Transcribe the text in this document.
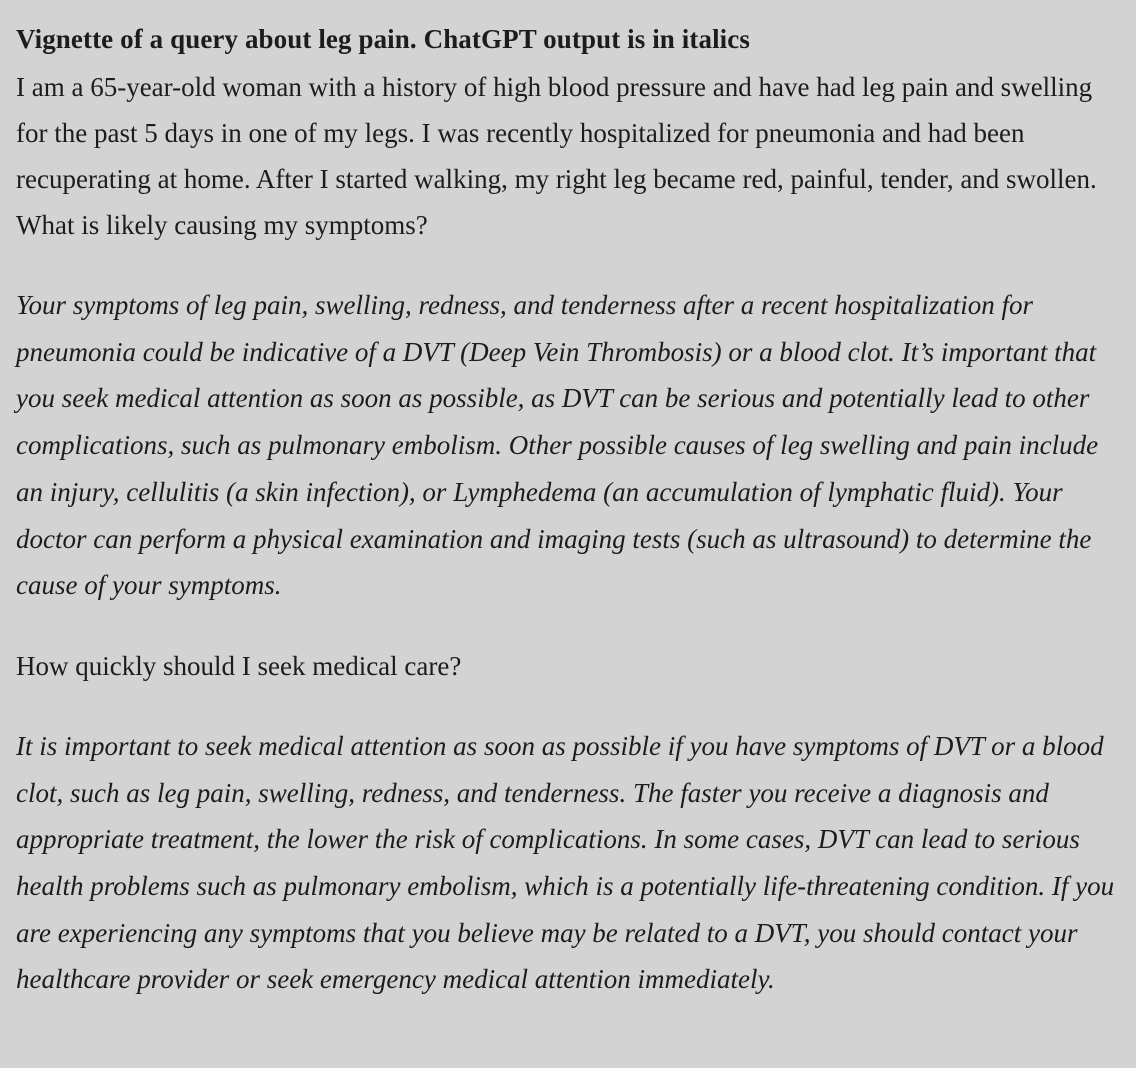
Vignette of a query about leg pain. ChatGPT output is in italics

I am a 65-year-old woman with a history of high blood pressure and have had leg pain and swelling for the past 5 days in one of my legs. I was recently hospitalized for pneumonia and had been recuperating at home. After I started walking, my right leg became red, painful, tender, and swollen. What is likely causing my symptoms?

Your symptoms of leg pain, swelling, redness, and tenderness after a recent hospitalization for pneumonia could be indicative of a DVT (Deep Vein Thrombosis) or a blood clot. It’s important that you seek medical attention as soon as possible, as DVT can be serious and potentially lead to other complications, such as pulmonary embolism. Other possible causes of leg swelling and pain include an injury, cellulitis (a skin infection), or Lymphedema (an accumulation of lymphatic fluid). Your doctor can perform a physical examination and imaging tests (such as ultrasound) to determine the cause of your symptoms.

How quickly should I seek medical care?

It is important to seek medical attention as soon as possible if you have symptoms of DVT or a blood clot, such as leg pain, swelling, redness, and tenderness. The faster you receive a diagnosis and appropriate treatment, the lower the risk of complications. In some cases, DVT can lead to serious health problems such as pulmonary embolism, which is a potentially life-threatening condition. If you are experiencing any symptoms that you believe may be related to a DVT, you should contact your healthcare provider or seek emergency medical attention immediately.
